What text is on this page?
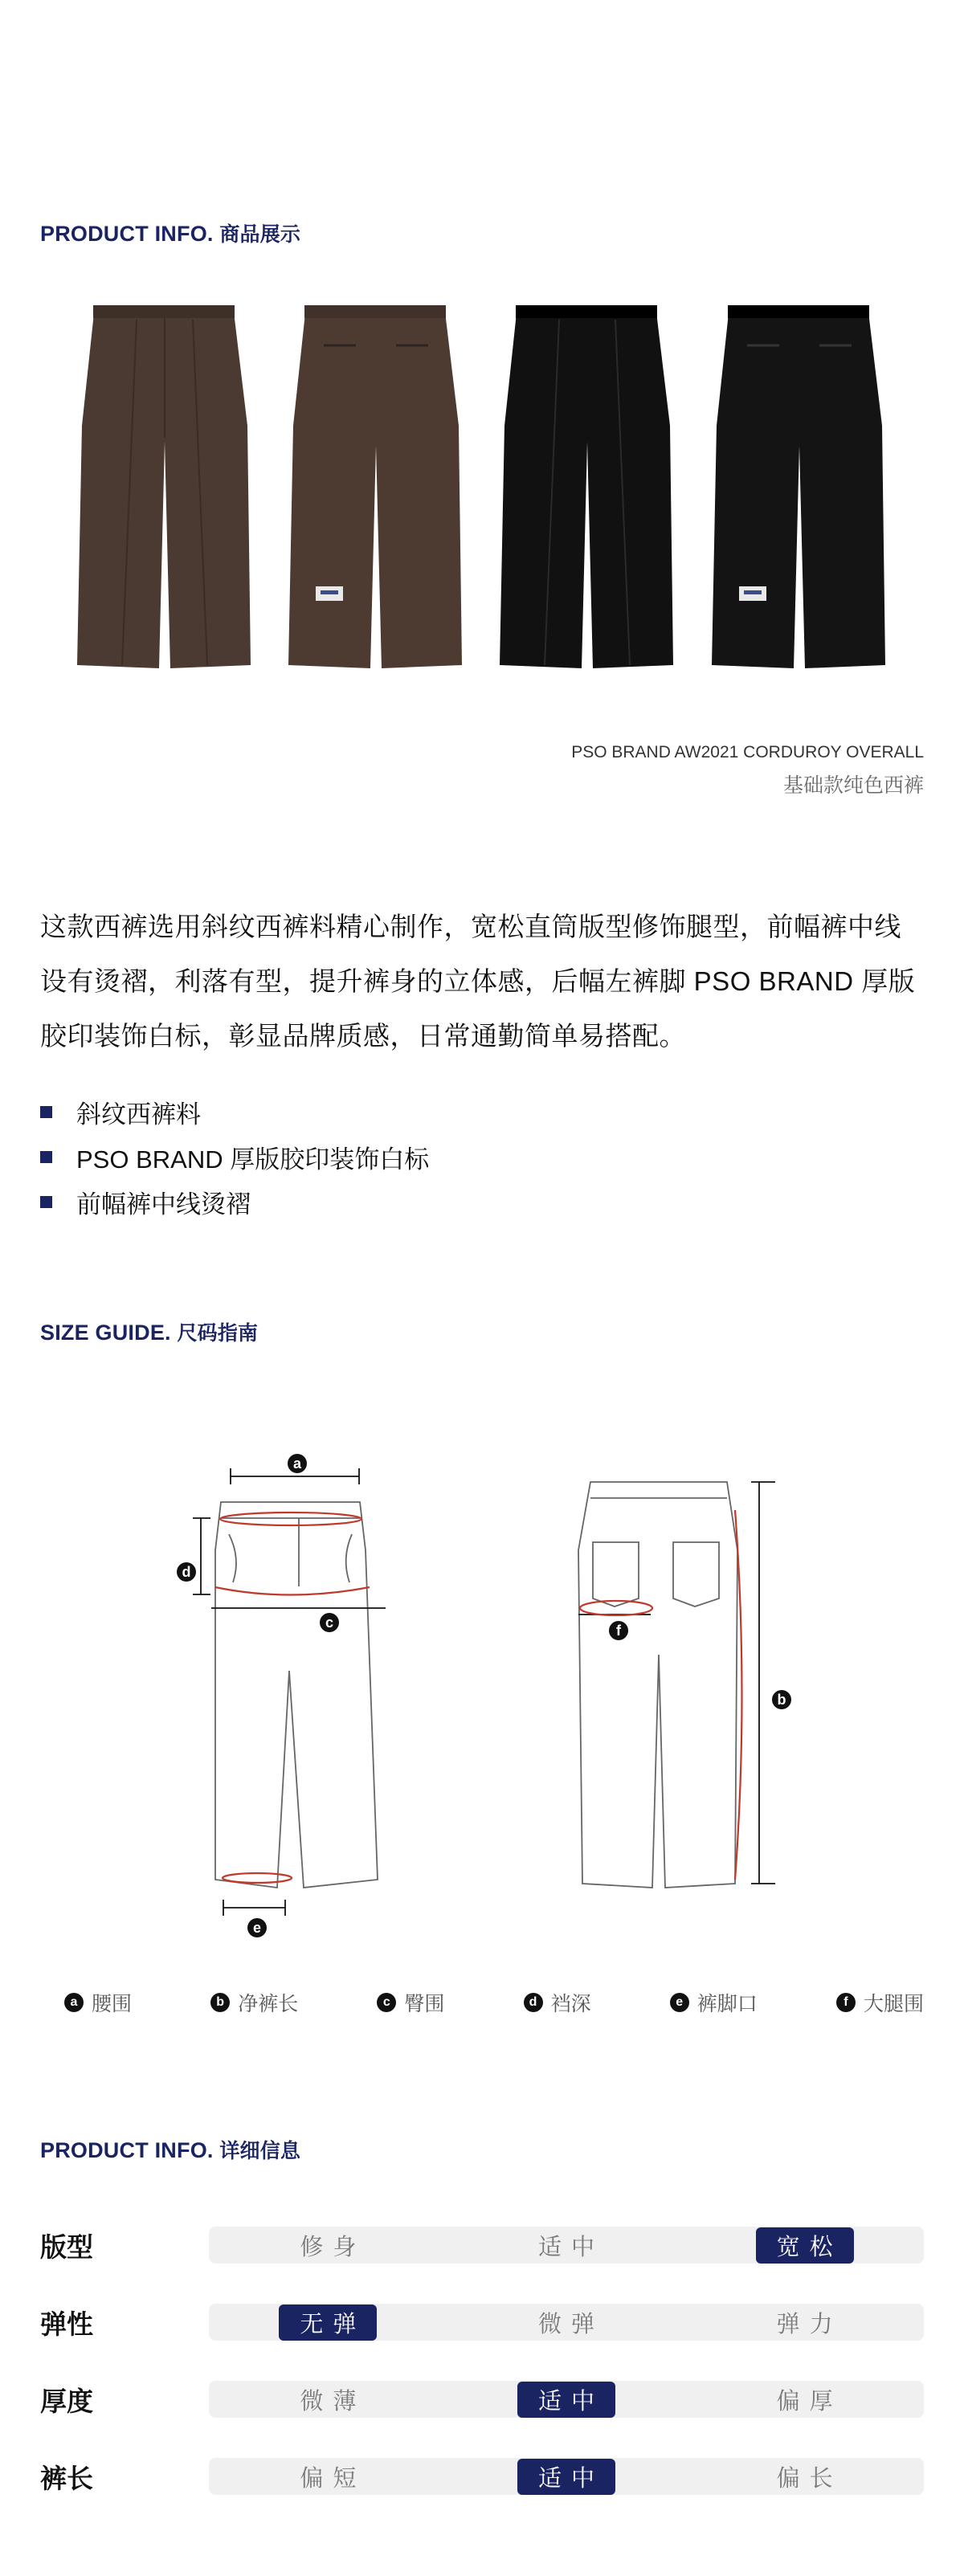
PRODUCT INFO. 商品展示
PSO BRAND AW2021 CORDUROY OVERALL
基础款纯色西裤
这款西裤选用斜纹西裤料精心制作，宽松直筒版型修饰腿型，前幅裤中线设有烫褶，利落有型，提升裤身的立体感，后幅左裤脚 PSO BRAND 厚版胶印装饰白标，彰显品牌质感，日常通勤简单易搭配。
斜纹西裤料
PSO BRAND 厚版胶印装饰白标
前幅裤中线烫褶
SIZE GUIDE. 尺码指南
a
d
c
e
f
b
a 腰围	b 净裤长	c 臀围	d 裆深	e 裤脚口	f 大腿围
PRODUCT INFO. 详细信息
版型	修身	适中	宽松
弹性	无弹	微弹	弹力
厚度	微薄	适中	偏厚
裤长	偏短	适中	偏长
